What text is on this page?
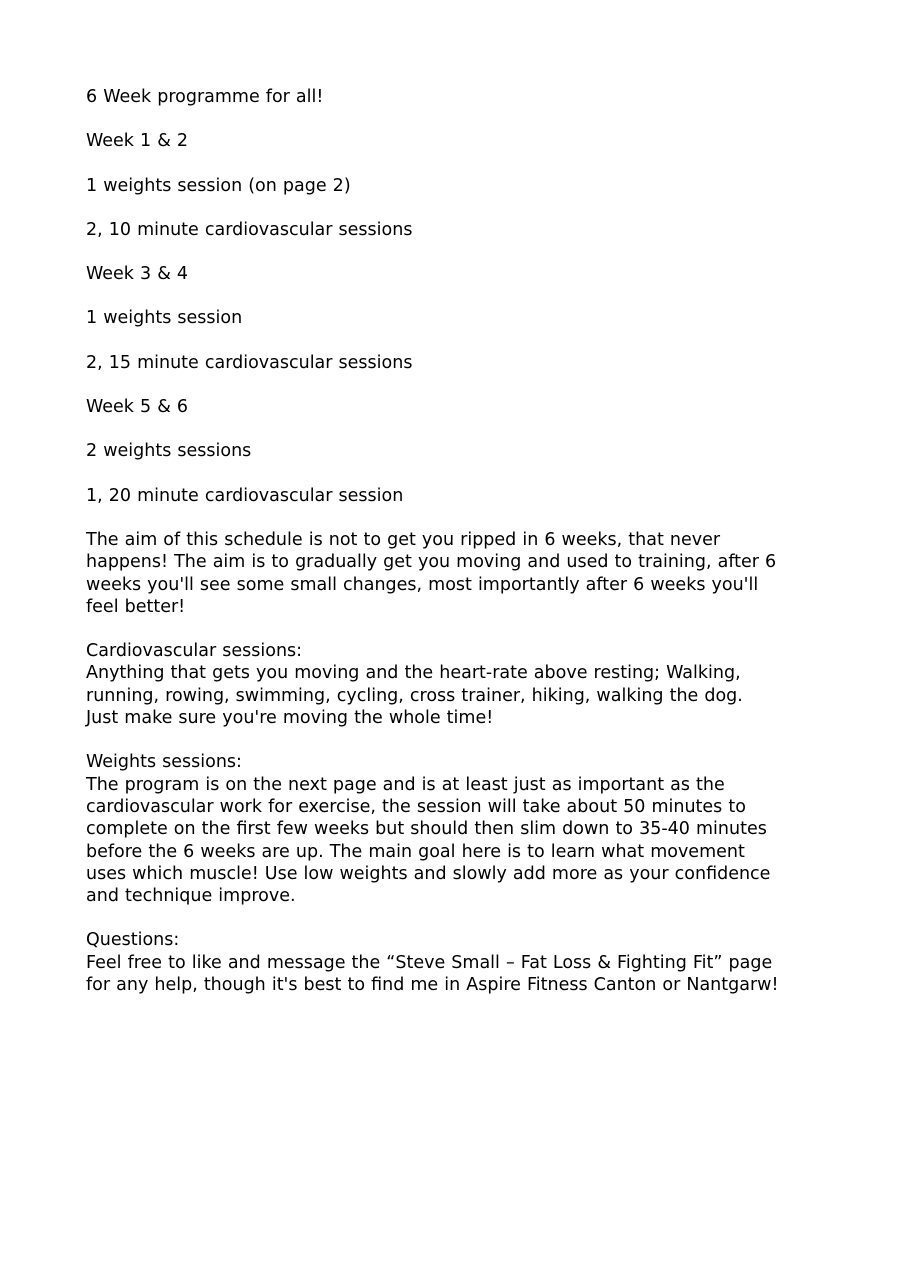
6 Week programme for all!

Week 1 & 2

1 weights session (on page 2)

2, 10 minute cardiovascular sessions

Week 3 & 4

1 weights session

2, 15 minute cardiovascular sessions

Week 5 & 6

2 weights sessions

1, 20 minute cardiovascular session

The aim of this schedule is not to get you ripped in 6 weeks, that never
happens! The aim is to gradually get you moving and used to training, after 6
weeks you'll see some small changes, most importantly after 6 weeks you'll
feel better!

Cardiovascular sessions:
Anything that gets you moving and the heart-rate above resting; Walking,
running, rowing, swimming, cycling, cross trainer, hiking, walking the dog.
Just make sure you're moving the whole time!
Weights sessions:
The program is on the next page and is at least just as important as the
cardiovascular work for exercise, the session will take about 50 minutes to
complete on the first few weeks but should then slim down to 35-40 minutes
before the 6 weeks are up. The main goal here is to learn what movement
uses which muscle! Use low weights and slowly add more as your confidence
and technique improve.
Questions:
Feel free to like and message the “Steve Small – Fat Loss & Fighting Fit” page
for any help, though it's best to find me in Aspire Fitness Canton or Nantgarw!
